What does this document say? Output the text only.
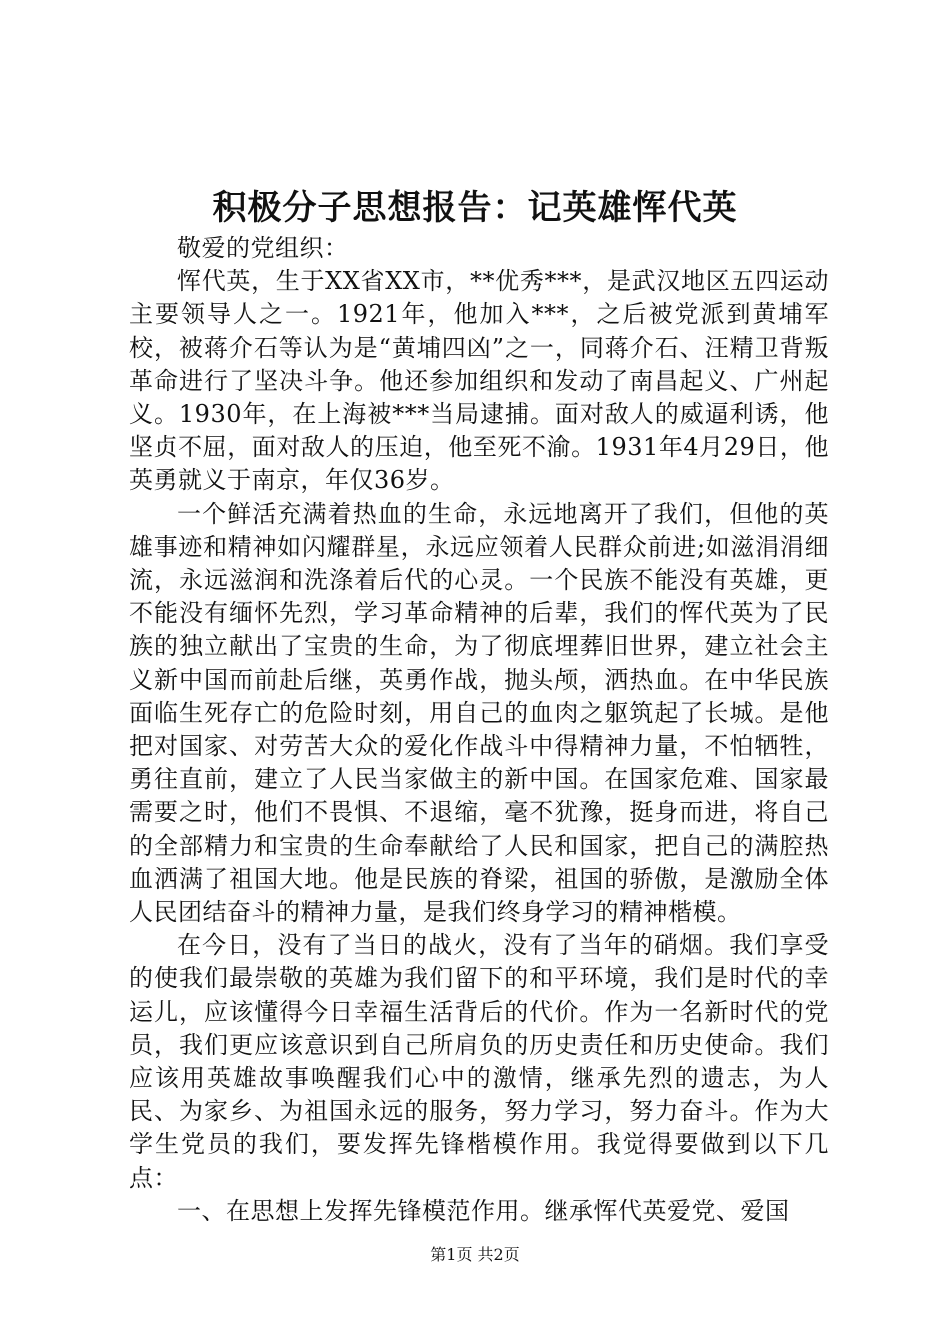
积极分子思想报告：记英雄恽代英

敬爱的党组织：

恽代英，生于XX省XX市，**优秀***，是武汉地区五四运动主要领导人之一。1921年，他加入***，之后被党派到黄埔军校，被蒋介石等认为是“黄埔四凶”之一，同蒋介石、汪精卫背叛革命进行了坚决斗争。他还参加组织和发动了南昌起义、广州起义。1930年，在上海被***当局逮捕。面对敌人的威逼利诱，他坚贞不屈，面对敌人的压迫，他至死不渝。1931年4月29日，他英勇就义于南京，年仅36岁。

一个鲜活充满着热血的生命，永远地离开了我们，但他的英雄事迹和精神如闪耀群星，永远应领着人民群众前进;如滋涓涓细流，永远滋润和洗涤着后代的心灵。一个民族不能没有英雄，更不能没有缅怀先烈，学习革命精神的后辈，我们的恽代英为了民族的独立献出了宝贵的生命，为了彻底埋葬旧世界，建立社会主义新中国而前赴后继，英勇作战，抛头颅，洒热血。在中华民族面临生死存亡的危险时刻，用自己的血肉之躯筑起了长城。是他把对国家、对劳苦大众的爱化作战斗中得精神力量，不怕牺牲，勇往直前，建立了人民当家做主的新中国。在国家危难、国家最需要之时，他们不畏惧、不退缩，毫不犹豫，挺身而进，将自己的全部精力和宝贵的生命奉献给了人民和国家，把自己的满腔热血洒满了祖国大地。他是民族的脊梁，祖国的骄傲，是激励全体人民团结奋斗的精神力量，是我们终身学习的精神楷模。

在今日，没有了当日的战火，没有了当年的硝烟。我们享受的使我们最崇敬的英雄为我们留下的和平环境，我们是时代的幸运儿，应该懂得今日幸福生活背后的代价。作为一名新时代的党员，我们更应该意识到自己所肩负的历史责任和历史使命。我们应该用英雄故事唤醒我们心中的激情，继承先烈的遗志，为人民、为家乡、为祖国永远的服务，努力学习，努力奋斗。作为大学生党员的我们，要发挥先锋楷模作用。我觉得要做到以下几点：

一、在思想上发挥先锋模范作用。继承恽代英爱党、爱国

第1页 共2页
